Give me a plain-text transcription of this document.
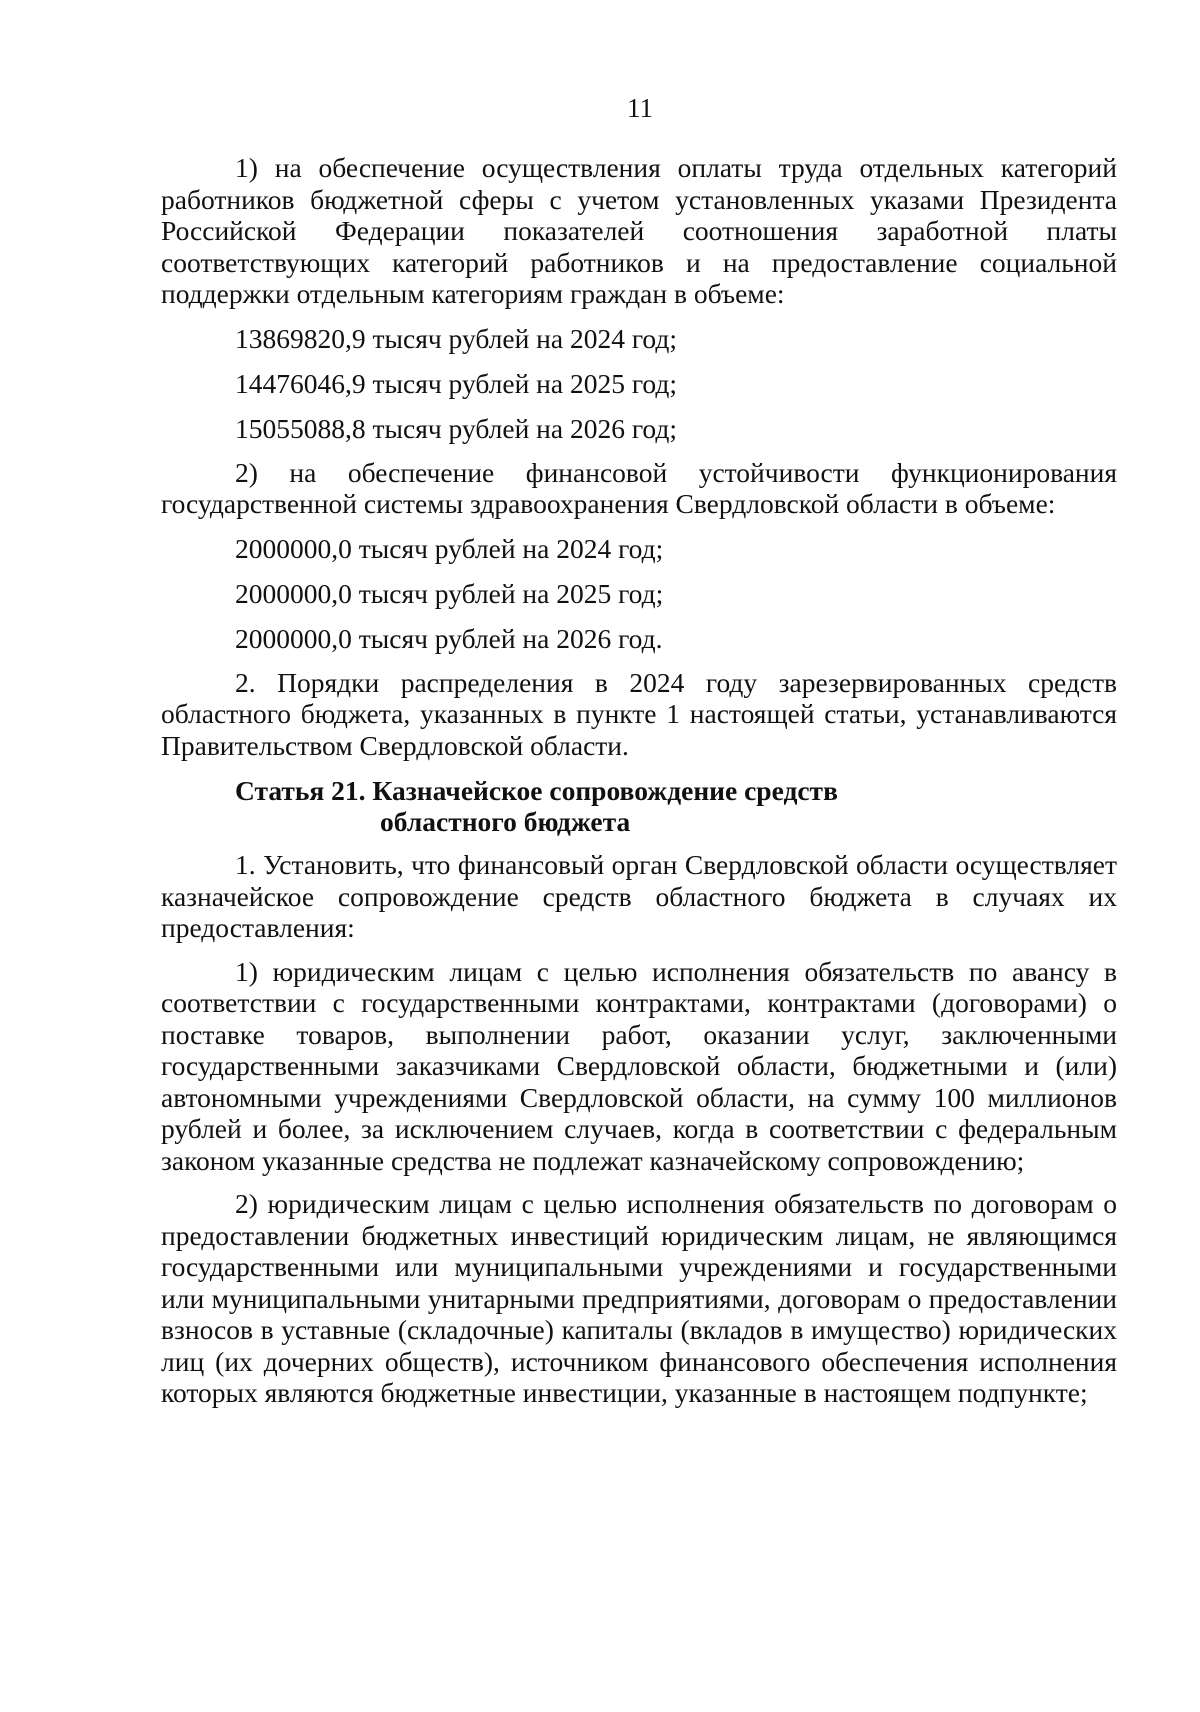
11

1) на обеспечение осуществления оплаты труда отдельных категорий работников бюджетной сферы с учетом установленных указами Президента Российской Федерации показателей соотношения заработной платы соответствующих категорий работников и на предоставление социальной поддержки отдельным категориям граждан в объеме:

13869820,9 тысяч рублей на 2024 год;

14476046,9 тысяч рублей на 2025 год;

15055088,8 тысяч рублей на 2026 год;

2) на обеспечение финансовой устойчивости функционирования государственной системы здравоохранения Свердловской области в объеме:

2000000,0 тысяч рублей на 2024 год;

2000000,0 тысяч рублей на 2025 год;

2000000,0 тысяч рублей на 2026 год.

2. Порядки распределения в 2024 году зарезервированных средств областного бюджета, указанных в пункте 1 настоящей статьи, устанавливаются Правительством Свердловской области.

Статья 21. Казначейское сопровождение средств
областного бюджета

1. Установить, что финансовый орган Свердловской области осуществляет казначейское сопровождение средств областного бюджета в случаях их предоставления:

1) юридическим лицам с целью исполнения обязательств по авансу в соответствии с государственными контрактами, контрактами (договорами) о поставке товаров, выполнении работ, оказании услуг, заключенными государственными заказчиками Свердловской области, бюджетными и (или) автономными учреждениями Свердловской области, на сумму 100 миллионов рублей и более, за исключением случаев, когда в соответствии с федеральным законом указанные средства не подлежат казначейскому сопровождению;

2) юридическим лицам с целью исполнения обязательств по договорам о предоставлении бюджетных инвестиций юридическим лицам, не являющимся государственными или муниципальными учреждениями и государственными или муниципальными унитарными предприятиями, договорам о предоставлении взносов в уставные (складочные) капиталы (вкладов в имущество) юридических лиц (их дочерних обществ), источником финансового обеспечения исполнения которых являются бюджетные инвестиции, указанные в настоящем подпункте;
